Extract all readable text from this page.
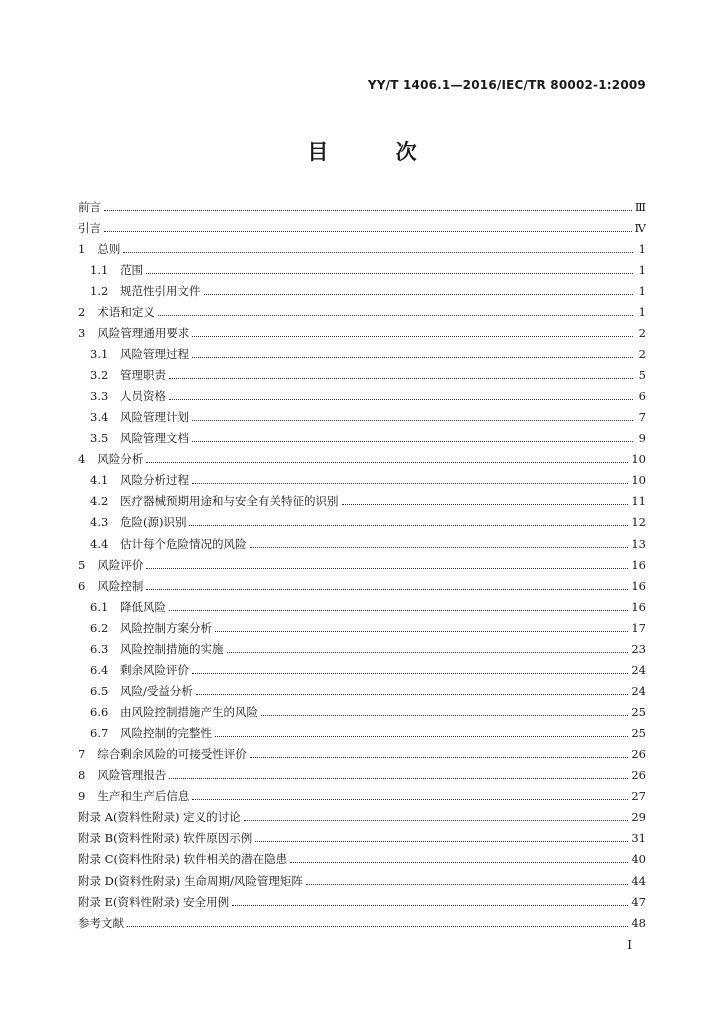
YY/T 1406.1—2016/IEC/TR 80002-1:2009
目 次
前言	Ⅲ
引言	Ⅳ
1 总则	1
1.1	范围	1
1.2	规范性引用文件	1
2 术语和定义	1
3 风险管理通用要求	2
3.1	风险管理过程	2
3.2	管理职责	5
3.3	人员资格	6
3.4	风险管理计划	7
3.5	风险管理文档	9
4 风险分析	10
4.1	风险分析过程	10
4.2	医疗器械预期用途和与安全有关特征的识别	11
4.3	危险(源)识别	12
4.4	估计每个危险情况的风险	13
5 风险评价	16
6 风险控制	16
6.1	降低风险	16
6.2	风险控制方案分析	17
6.3	风险控制措施的实施	23
6.4	剩余风险评价	24
6.5	风险/受益分析	24
6.6	由风险控制措施产生的风险	25
6.7	风险控制的完整性	25
7 综合剩余风险的可接受性评价	26
8 风险管理报告	26
9 生产和生产后信息	27
附录 A(资料性附录) 定义的讨论	29
附录 B(资料性附录) 软件原因示例	31
附录 C(资料性附录) 软件相关的潜在隐患	40
附录 D(资料性附录) 生命周期/风险管理矩阵	44
附录 E(资料性附录) 安全用例	47
参考文献	48
Ⅰ
